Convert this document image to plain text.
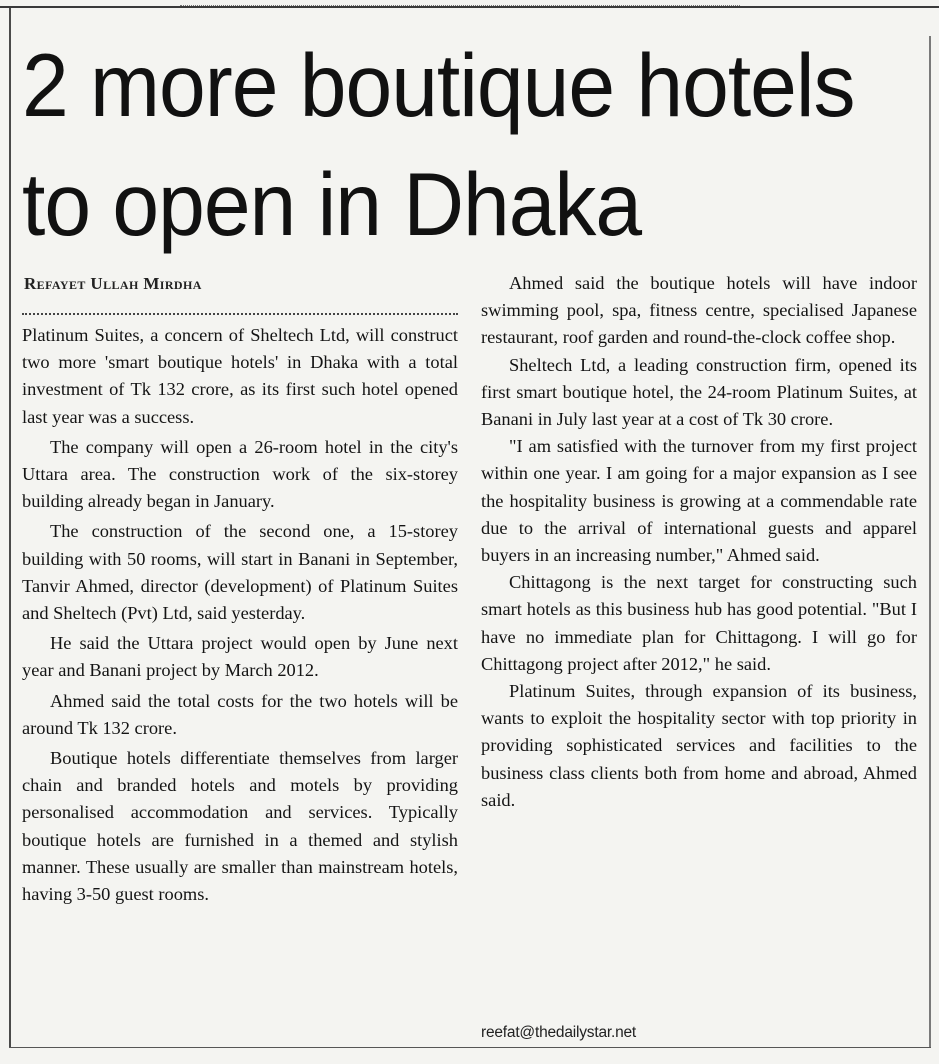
2 more boutique hotels
to open in Dhaka
Refayet Ullah Mirdha

Platinum Suites, a concern of Sheltech Ltd, will construct two more 'smart boutique hotels' in Dhaka with a total investment of Tk 132 crore, as its first such hotel opened last year was a success.

The company will open a 26-room hotel in the city's Uttara area. The construction work of the six-storey building already began in January.

The construction of the second one, a 15-storey building with 50 rooms, will start in Banani in September, Tanvir Ahmed, director (development) of Platinum Suites and Sheltech (Pvt) Ltd, said yesterday.

He said the Uttara project would open by June next year and Banani project by March 2012.

Ahmed said the total costs for the two hotels will be around Tk 132 crore.

Boutique hotels differentiate themselves from larger chain and branded hotels and motels by providing personalised accommodation and services. Typically boutique hotels are furnished in a themed and stylish manner. These usually are smaller than mainstream hotels, having 3-50 guest rooms.

Ahmed said the boutique hotels will have indoor swimming pool, spa, fitness centre, specialised Japanese restaurant, roof garden and round-the-clock coffee shop.

Sheltech Ltd, a leading construction firm, opened its first smart boutique hotel, the 24-room Platinum Suites, at Banani in July last year at a cost of Tk 30 crore.

"I am satisfied with the turnover from my first project within one year. I am going for a major expansion as I see the hospitality business is growing at a commendable rate due to the arrival of international guests and apparel buyers in an increasing number," Ahmed said.

Chittagong is the next target for constructing such smart hotels as this business hub has good potential. "But I have no immediate plan for Chittagong. I will go for Chittagong project after 2012," he said.

Platinum Suites, through expansion of its business, wants to exploit the hospitality sector with top priority in providing sophisticated services and facilities to the business class clients both from home and abroad, Ahmed said.

reefat@thedailystar.net
